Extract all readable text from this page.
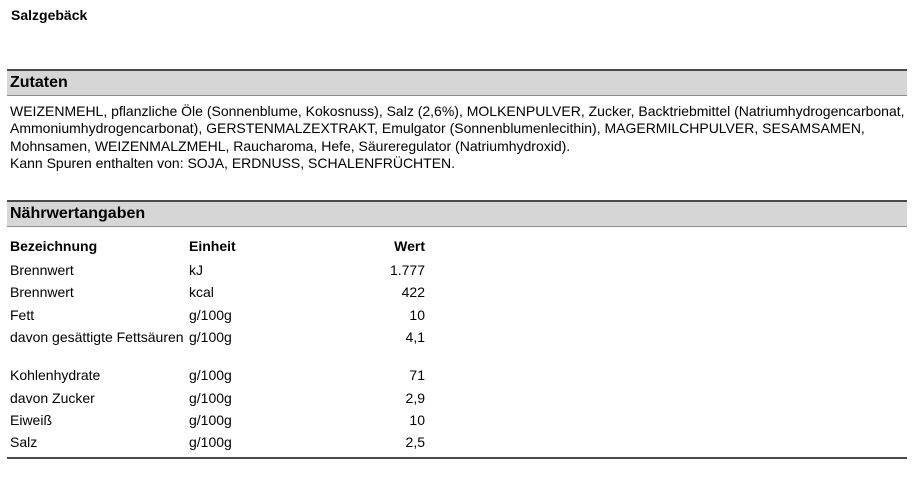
Salzgebäck
Zutaten

WEIZENMEHL, pflanzliche Öle (Sonnenblume, Kokosnuss), Salz (2,6%), MOLKENPULVER, Zucker, Backtriebmittel (Natriumhydrogencarbonat, Ammoniumhydrogencarbonat), GERSTENMALZEXTRAKT, Emulgator (Sonnenblumenlecithin), MAGERMILCHPULVER, SESAMSAMEN, Mohnsamen, WEIZENMALZMEHL, Raucharoma, Hefe, Säureregulator (Natriumhydroxid).

Kann Spuren enthalten von: SOJA, ERDNUSS, SCHALENFRÜCHTEN.

Nährwertangaben
Bezeichnung	Einheit	Wert
Brennwert	kJ	1.777
Brennwert	kcal	422
Fett	g/100g	10
davon gesättigte Fettsäuren	g/100g	4,1
Kohlenhydrate	g/100g	71
davon Zucker	g/100g	2,9
Eiweiß	g/100g	10
Salz	g/100g	2,5
